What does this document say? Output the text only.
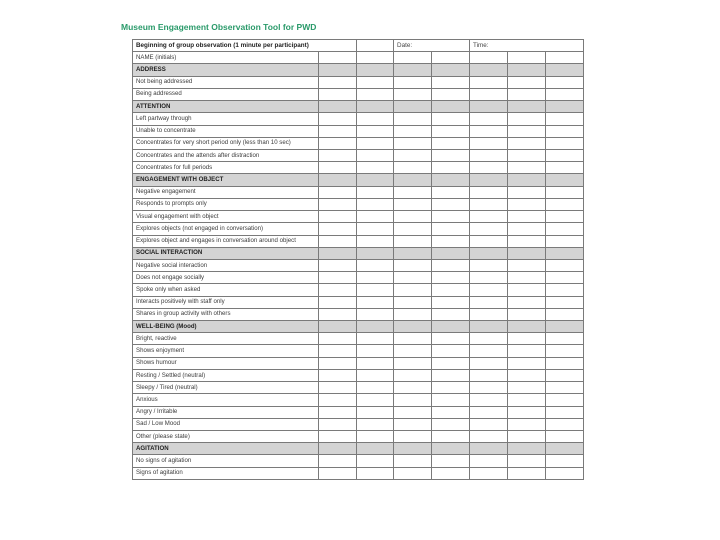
Museum Engagement Observation Tool for PWD
Beginning of group observation (1 minute per participant)			Date:		Time:		
NAME (initials)							
ADDRESS							
Not being addressed							
Being addressed							
ATTENTION							
Left partway through							
Unable to concentrate							
Concentrates for very short period only (less than 10 sec)							
Concentrates and the attends after distraction							
Concentrates for full periods							
ENGAGEMENT WITH OBJECT							
Negative engagement							
Responds to prompts only							
Visual engagement with object							
Explores objects (not engaged in conversation)							
Explores object and engages in conversation around object							
SOCIAL INTERACTION							
Negative social interaction							
Does not engage socially							
Spoke only when asked							
Interacts positively with staff only							
Shares in group activity with others							
WELL-BEING (Mood)							
Bright, reactive							
Shows enjoyment							
Shows humour							
Resting / Settled (neutral)							
Sleepy / Tired (neutral)							
Anxious							
Angry / Irritable							
Sad / Low Mood							
Other (please state)							
AGITATION							
No signs of agitation							
Signs of agitation							
